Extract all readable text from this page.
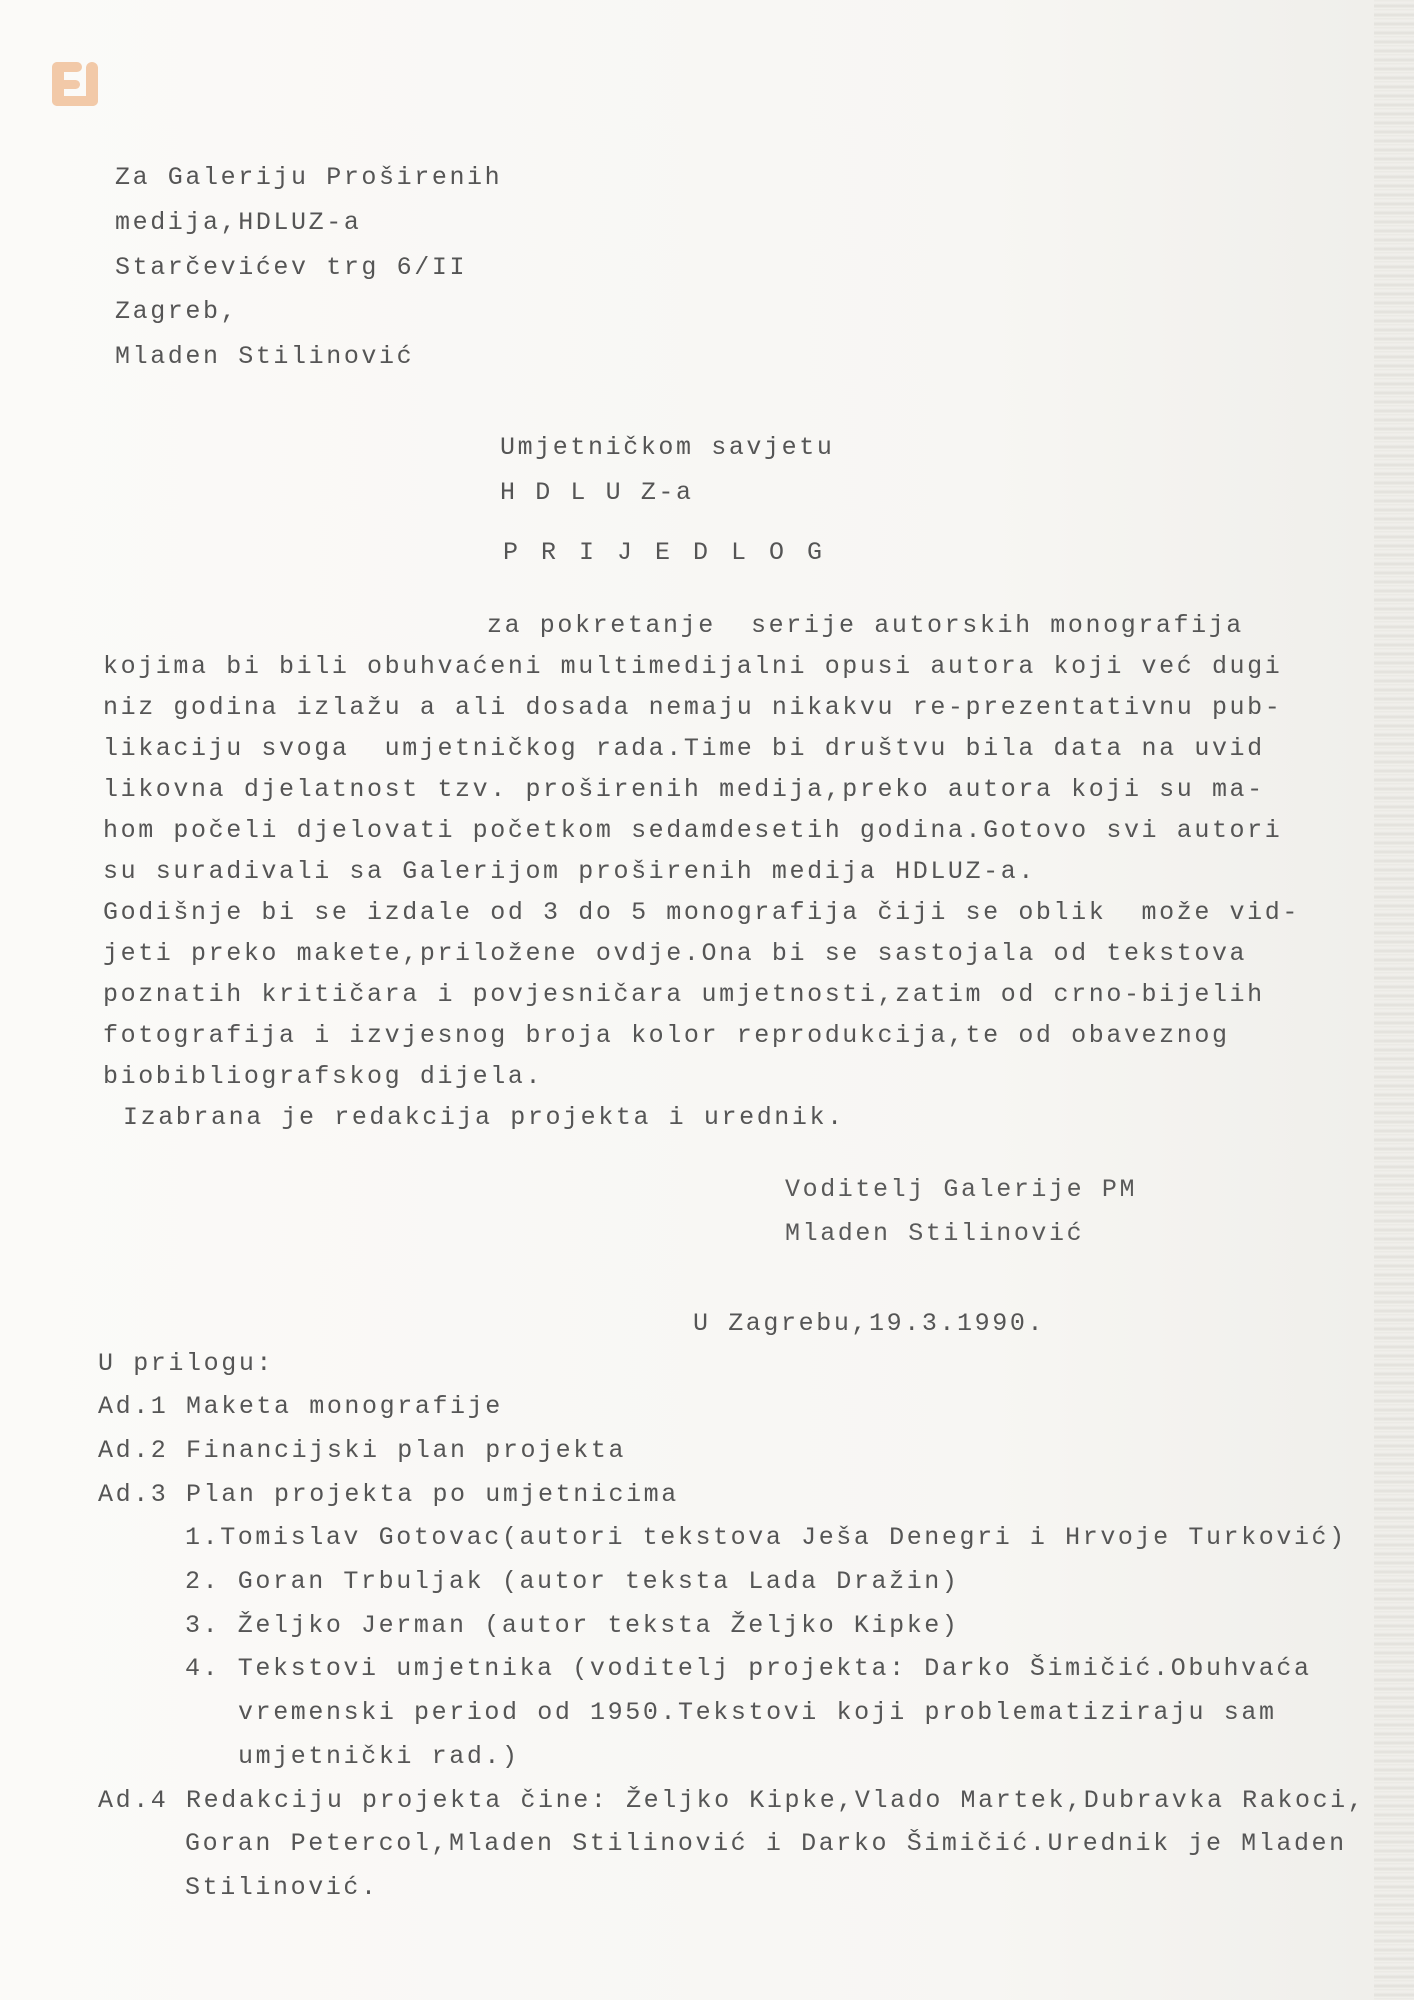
Za Galeriju Proširenih
medija,HDLUZ-a
Starčevićev trg 6/II
Zagreb,
Mladen Stilinović
Umjetničkom savjetu
H D L U Z-a
P R I J E D L O G
za pokretanje  serije autorskih monografija
kojima bi bili obuhvaćeni multimedijalni opusi autora koji već dugi
niz godina izlažu a ali dosada nemaju nikakvu re-prezentativnu pub-
likaciju svoga  umjetničkog rada.Time bi društvu bila data na uvid
likovna djelatnost tzv. proširenih medija,preko autora koji su ma-
hom počeli djelovati početkom sedamdesetih godina.Gotovo svi autori
su suradivali sa Galerijom proširenih medija HDLUZ-a.
Godišnje bi se izdale od 3 do 5 monografija čiji se oblik  može vid-
jeti preko makete,priložene ovdje.Ona bi se sastojala od tekstova
poznatih kritičara i povjesničara umjetnosti,zatim od crno-bijelih
fotografija i izvjesnog broja kolor reprodukcija,te od obaveznog
biobibliografskog dijela.
Izabrana je redakcija projekta i urednik.
Voditelj Galerije PM
Mladen Stilinović
U Zagrebu,19.3.1990.
U prilogu:
Ad.1 Maketa monografije
Ad.2 Financijski plan projekta
Ad.3 Plan projekta po umjetnicima
1.Tomislav Gotovac(autori tekstova Ješa Denegri i Hrvoje Turković)
2. Goran Trbuljak (autor teksta Lada Dražin)
3. Željko Jerman (autor teksta Željko Kipke)
4. Tekstovi umjetnika (voditelj projekta: Darko Šimičić.Obuhvaća
vremenski period od 1950.Tekstovi koji problematiziraju sam
umjetnički rad.)
Ad.4 Redakciju projekta čine: Željko Kipke,Vlado Martek,Dubravka Rakoci,
Goran Petercol,Mladen Stilinović i Darko Šimičić.Urednik je Mladen
Stilinović.
